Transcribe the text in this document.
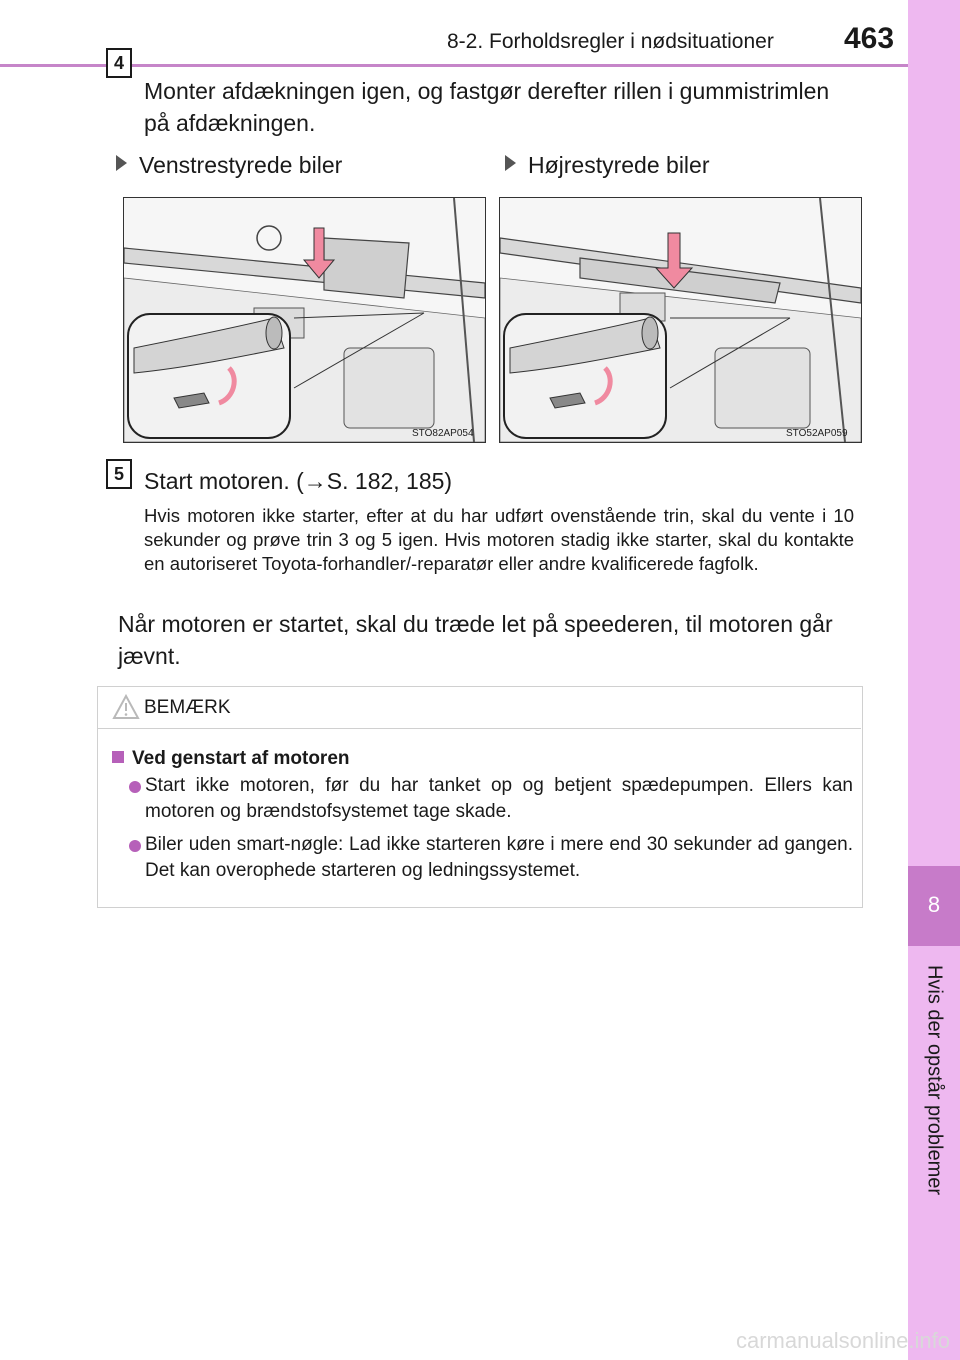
8-2. Forholdsregler i nødsituationer 463
8
Hvis der opstår problemer
4
Monter afdækningen igen, og fastgør derefter rillen i gummistrimlen
på afdækningen.
Venstrestyrede biler	Højrestyrede biler
STO82AP054	STO52AP059
5 Start motoren. (→S. 182, 185)
Hvis motoren ikke starter, efter at du har udført ovenstående trin, skal du vente i 10 sekunder og prøve trin 3 og 5 igen. Hvis motoren stadig ikke starter, skal du kontakte en autoriseret Toyota-forhandler/-reparatør eller andre kvalificerede fagfolk.
Når motoren er startet, skal du træde let på speederen, til motoren går
jævnt.
BEMÆRK
Ved genstart af motoren
Start ikke motoren, før du har tanket op og betjent spædepumpen. Ellers kan motoren og brændstofsystemet tage skade.
Biler uden smart-nøgle: Lad ikke starteren køre i mere end 30 sekunder ad gangen. Det kan overophede starteren og ledningssystemet.
carmanualsonline.info
